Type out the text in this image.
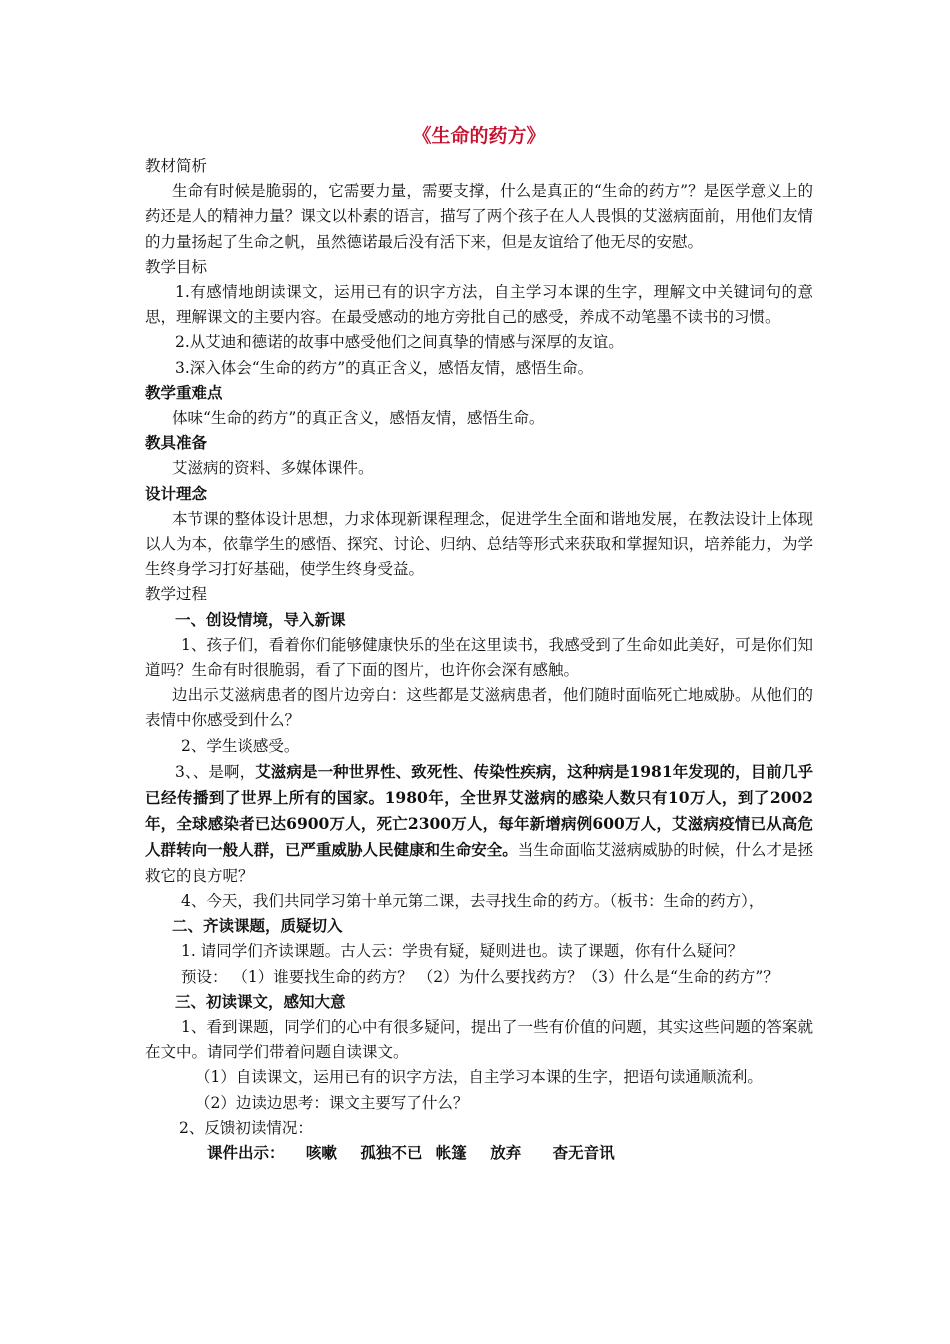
《生命的药方》

教材简析

生命有时候是脆弱的，它需要力量，需要支撑，什么是真正的“生命的药方”？是医学意义上的药还是人的精神力量？课文以朴素的语言，描写了两个孩子在人人畏惧的艾滋病面前，用他们友情的力量扬起了生命之帆，虽然德诺最后没有活下来，但是友谊给了他无尽的安慰。

教学目标

1.有感情地朗读课文，运用已有的识字方法，自主学习本课的生字，理解文中关键词句的意思，理解课文的主要内容。在最受感动的地方旁批自己的感受，养成不动笔墨不读书的习惯。

2.从艾迪和德诺的故事中感受他们之间真挚的情感与深厚的友谊。

3.深入体会“生命的药方”的真正含义，感悟友情，感悟生命。

教学重难点

体味“生命的药方”的真正含义，感悟友情，感悟生命。

教具准备

艾滋病的资料、多媒体课件。

设计理念

本节课的整体设计思想，力求体现新课程理念，促进学生全面和谐地发展，在教法设计上体现以人为本，依靠学生的感悟、探究、讨论、归纳、总结等形式来获取和掌握知识，培养能力，为学生终身学习打好基础，使学生终身受益。

教学过程

一、创设情境，导入新课

1、孩子们，看着你们能够健康快乐的坐在这里读书，我感受到了生命如此美好，可是你们知道吗？生命有时很脆弱，看了下面的图片，也许你会深有感触。

边出示艾滋病患者的图片边旁白：这些都是艾滋病患者，他们随时面临死亡地威胁。从他们的表情中你感受到什么？

2、学生谈感受。

3、、是啊，艾滋病是一种世界性、致死性、传染性疾病，这种病是1981年发现的，目前几乎已经传播到了世界上所有的国家。1980年，全世界艾滋病的感染人数只有10万人，到了2002年，全球感染者已达6900万人，死亡2300万人，每年新增病例600万人，艾滋病疫情已从高危人群转向一般人群，已严重威胁人民健康和生命安全。当生命面临艾滋病威胁的时候，什么才是拯救它的良方呢？

4、今天，我们共同学习第十单元第二课，去寻找生命的药方。（板书：生命的药方），

二、齐读课题，质疑切入

1. 请同学们齐读课题。古人云：学贵有疑，疑则进也。读了课题，你有什么疑问？

预设： （1）谁要找生命的药方？ （2）为什么要找药方？（3）什么是“生命的药方”？

三、初读课文，感知大意

1、看到课题，同学们的心中有很多疑问，提出了一些有价值的问题，其实这些问题的答案就在文中。请同学们带着问题自读课文。

（1）自读课文，运用已有的识字方法，自主学习本课的生字，把语句读通顺流利。

（2）边读边思考：课文主要写了什么？

2、反馈初读情况：

课件出示： 咳嗽 孤独不已 帐篷 放弃 杳无音讯
